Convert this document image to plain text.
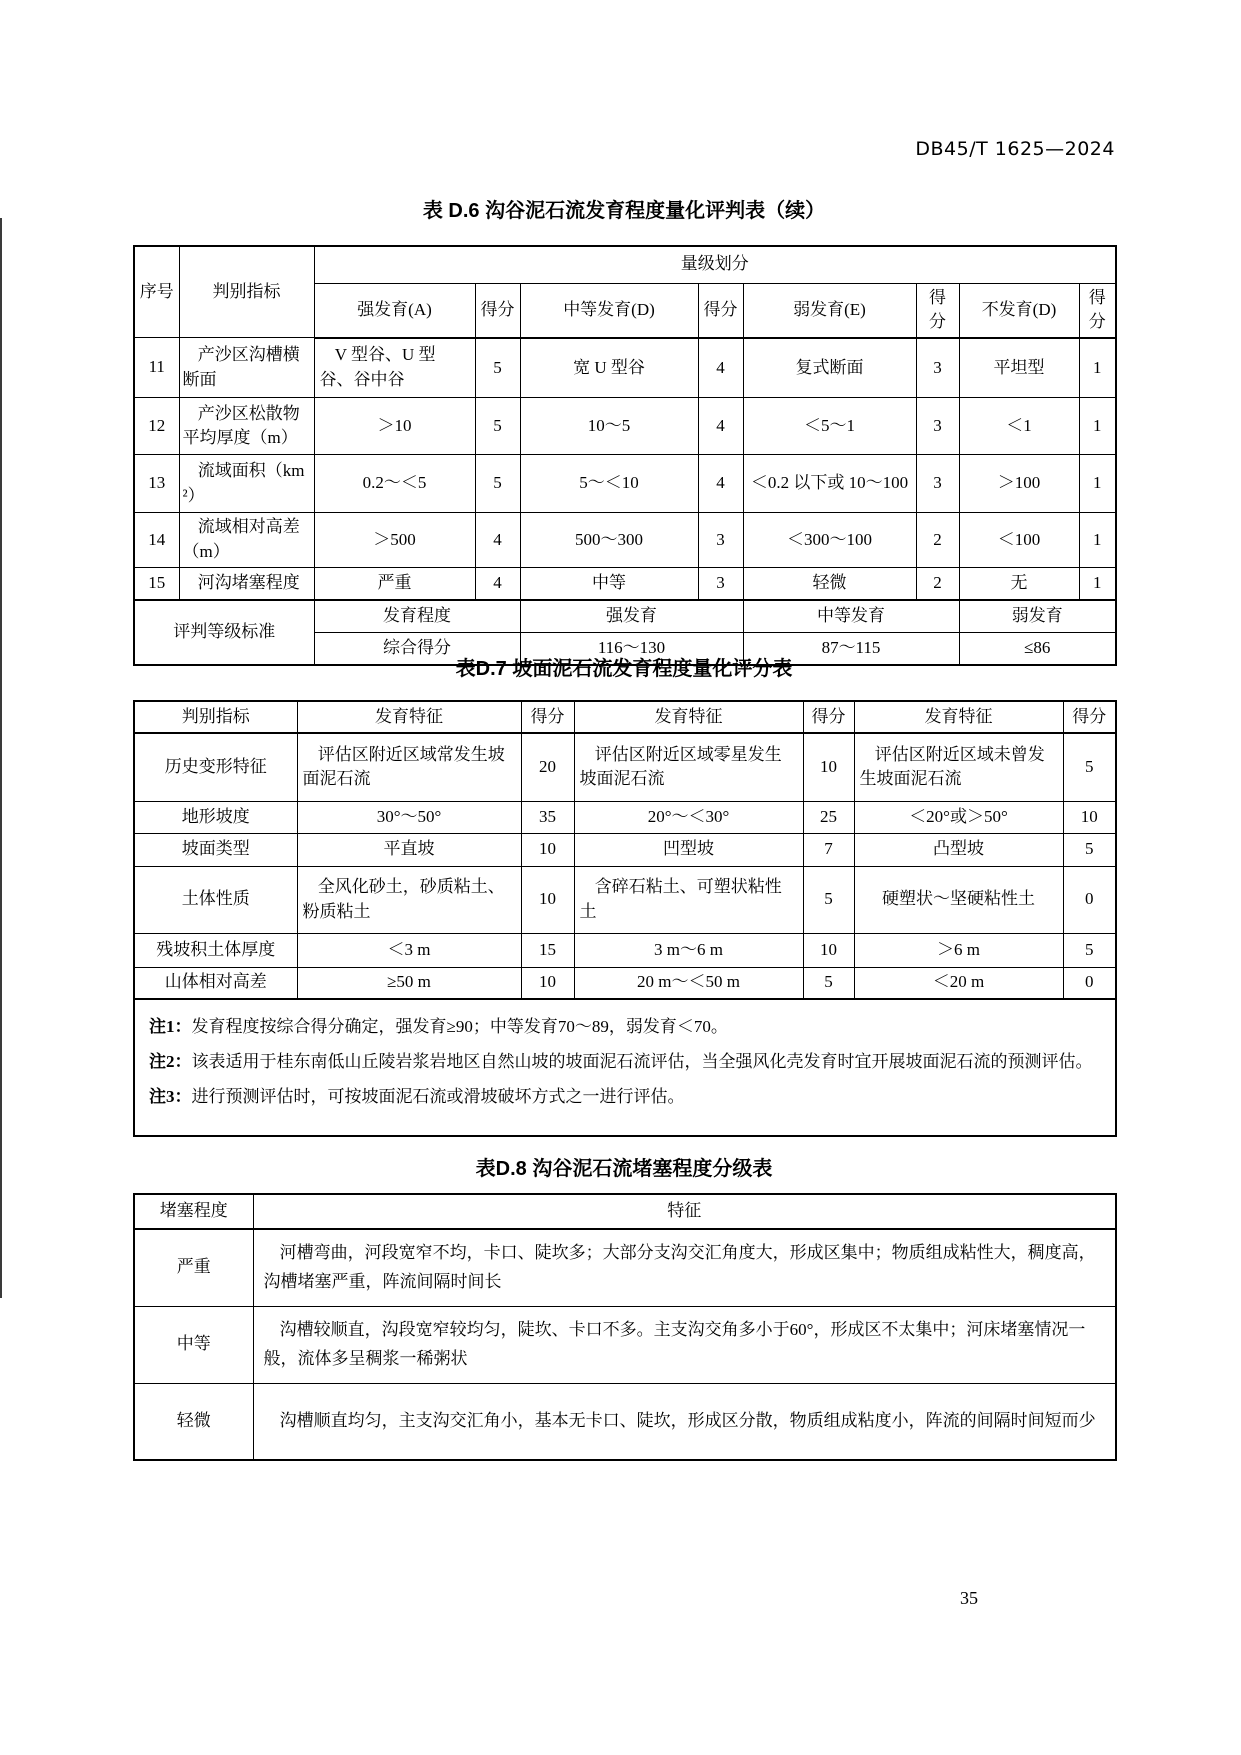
DB45/T 1625—2024
表 D.6 沟谷泥石流发育程度量化评判表（续）
序号	判别指标	量级划分							
		强发育(A)	得分	中等发育(D)	得分	弱发育(E)	得分	不发育(D)	得分
11	产沙区沟槽横断面	V 型谷、U 型谷、谷中谷	5	宽 U 型谷	4	复式断面	3	平坦型	1
12	产沙区松散物平均厚度（m）	＞10	5	10～5	4	＜5～1	3	＜1	1
13	流域面积（km²）	0.2～＜5	5	5～＜10	4	＜0.2 以下或 10～100	3	＞100	1
14	流域相对高差（m）	＞500	4	500～300	3	＜300～100	2	＜100	1
15	河沟堵塞程度	严重	4	中等	3	轻微	2	无	1
评判等级标准		发育程度		强发育		中等发育		弱发育	
		综合得分		116～130		87～115		≤86	
表D.7 坡面泥石流发育程度量化评分表
判别指标	发育特征	得分	发育特征	得分	发育特征	得分
历史变形特征	评估区附近区域常发生坡面泥石流	20	评估区附近区域零星发生坡面泥石流	10	评估区附近区域未曾发生坡面泥石流	5
地形坡度	30°～50°	35	20°～＜30°	25	＜20°或＞50°	10
坡面类型	平直坡	10	凹型坡	7	凸型坡	5
土体性质	全风化砂土，砂质粘土、粉质粘土	10	含碎石粘土、可塑状粘性土	5	硬塑状～坚硬粘性土	0
残坡积土体厚度	＜3 m	15	3 m～6 m	10	＞6 m	5
山体相对高差	≥50 m	10	20 m～＜50 m	5	＜20 m	0

注1：发育程度按综合得分确定，强发育≥90；中等发育70～89，弱发育＜70。
注2：该表适用于桂东南低山丘陵岩浆岩地区自然山坡的坡面泥石流评估，当全强风化壳发育时宜开展坡面泥石流的预测评估。
注3：进行预测评估时，可按坡面泥石流或滑坡破坏方式之一进行评估。						
表D.8 沟谷泥石流堵塞程度分级表
堵塞程度	特征
严重	河槽弯曲，河段宽窄不均，卡口、陡坎多；大部分支沟交汇角度大，形成区集中；物质组成粘性大，稠度高，沟槽堵塞严重，阵流间隔时间长
中等	沟槽较顺直，沟段宽窄较均匀，陡坎、卡口不多。主支沟交角多小于60°，形成区不太集中；河床堵塞情况一般，流体多呈稠浆一稀粥状
轻微	沟槽顺直均匀，主支沟交汇角小，基本无卡口、陡坎，形成区分散，物质组成粘度小，阵流的间隔时间短而少
35
